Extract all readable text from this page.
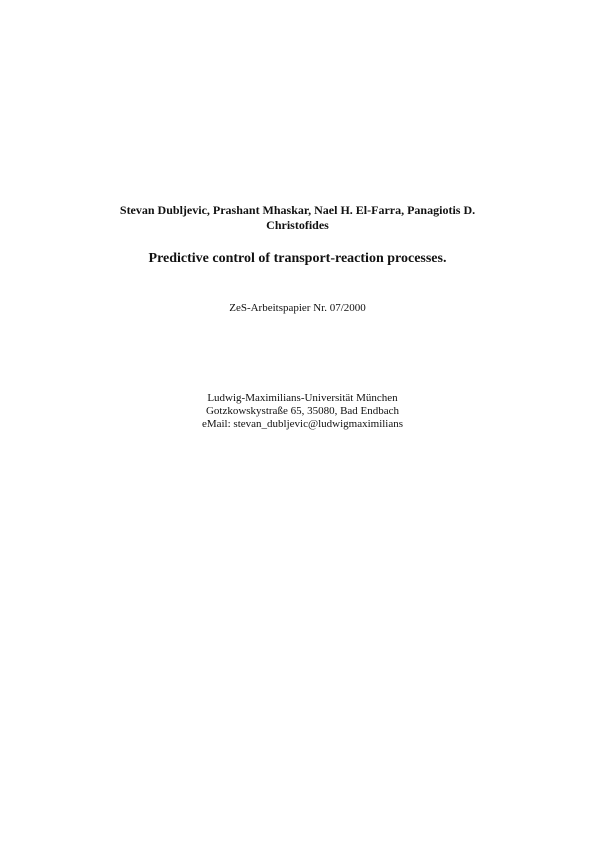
Stevan Dubljevic, Prashant Mhaskar, Nael H. El-Farra, Panagiotis D.
Christofides
Predictive control of transport-reaction processes.
ZeS-Arbeitspapier Nr. 07/2000
Ludwig-Maximilians-Universität München
Gotzkowskystraße 65, 35080, Bad Endbach
eMail: stevan_dubljevic@ludwigmaximilians
